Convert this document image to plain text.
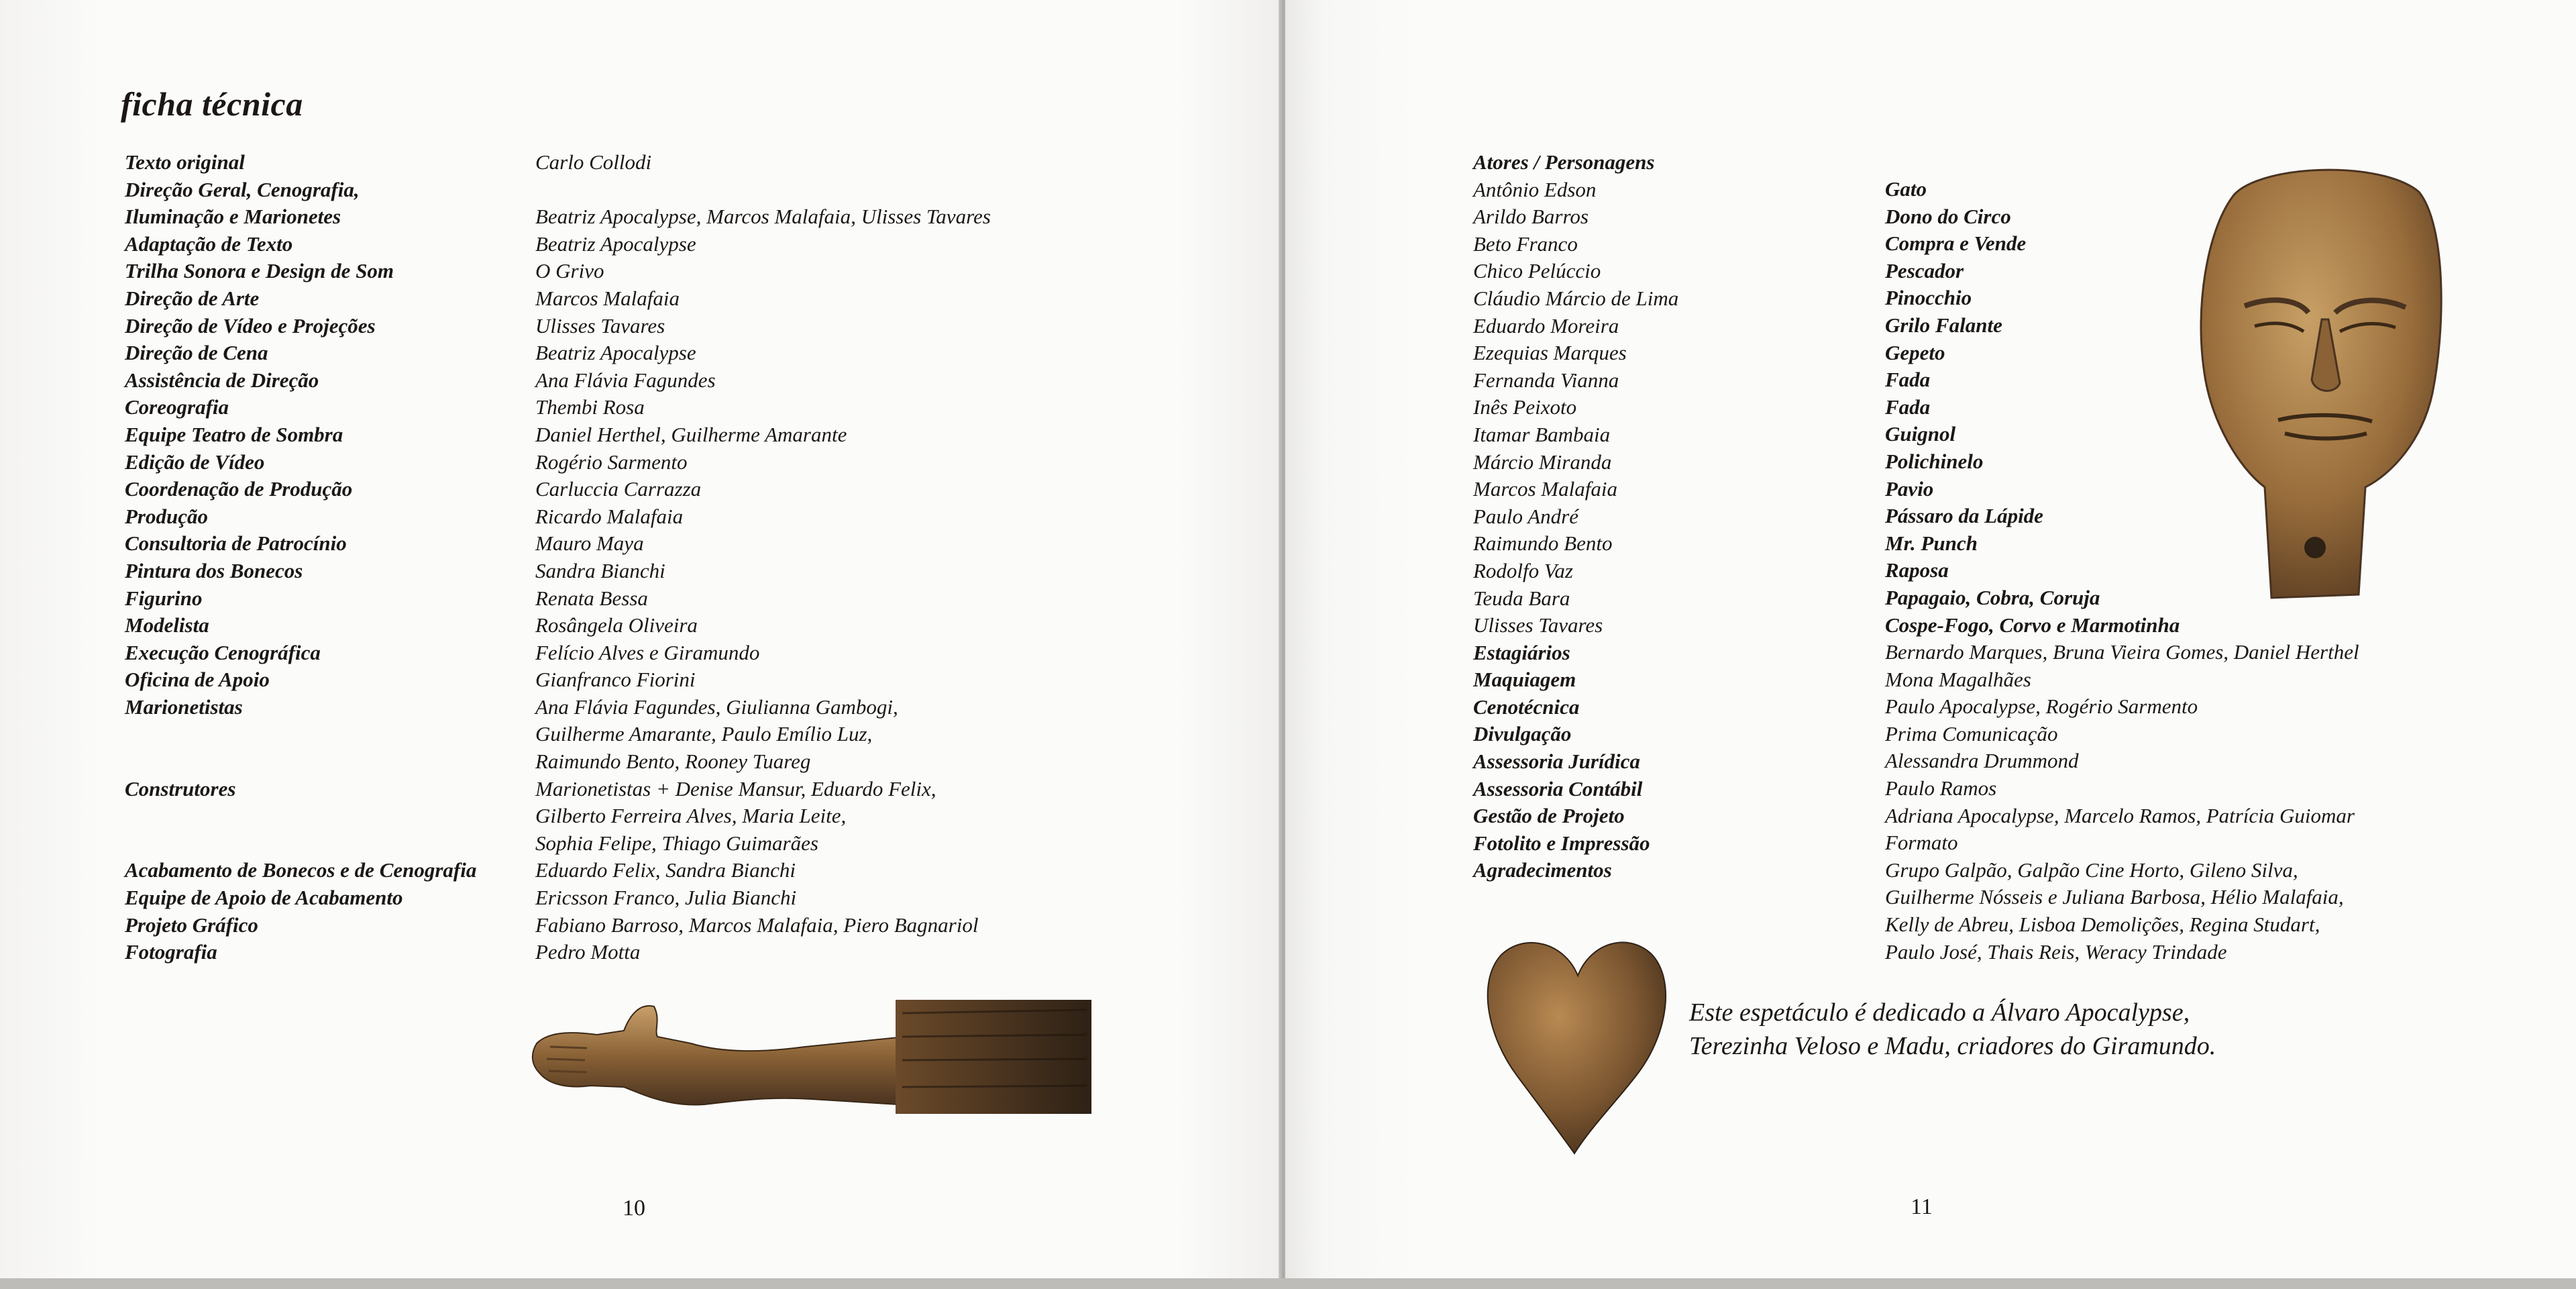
ficha técnica
Texto original
Direção Geral, Cenografia,
Iluminação e Marionetes
Adaptação de Texto
Trilha Sonora e Design de Som
Direção de Arte
Direção de Vídeo e Projeções
Direção de Cena
Assistência de Direção
Coreografia
Equipe Teatro de Sombra
Edição de Vídeo
Coordenação de Produção
Produção
Consultoria de Patrocínio
Pintura dos Bonecos
Figurino
Modelista
Execução Cenográfica
Oficina de Apoio
Marionetistas
Construtores
Acabamento de Bonecos e de Cenografia
Equipe de Apoio de Acabamento
Projeto Gráfico
Fotografia
Carlo Collodi
Beatriz Apocalypse, Marcos Malafaia, Ulisses Tavares
Beatriz Apocalypse
O Grivo
Marcos Malafaia
Ulisses Tavares
Beatriz Apocalypse
Ana Flávia Fagundes
Thembi Rosa
Daniel Herthel, Guilherme Amarante
Rogério Sarmento
Carluccia Carrazza
Ricardo Malafaia
Mauro Maya
Sandra Bianchi
Renata Bessa
Rosângela Oliveira
Felício Alves e Giramundo
Gianfranco Fiorini
Ana Flávia Fagundes, Giulianna Gambogi,
Guilherme Amarante, Paulo Emílio Luz,
Raimundo Bento, Rooney Tuareg
Marionetistas + Denise Mansur, Eduardo Felix,
Gilberto Ferreira Alves, Maria Leite,
Sophia Felipe, Thiago Guimarães
Eduardo Felix, Sandra Bianchi
Ericsson Franco, Julia Bianchi
Fabiano Barroso, Marcos Malafaia, Piero Bagnariol
Pedro Motta
10
Atores / Personagens
Antônio Edson
Arildo Barros
Beto Franco
Chico Pelúccio
Cláudio Márcio de Lima
Eduardo Moreira
Ezequias Marques
Fernanda Vianna
Inês Peixoto
Itamar Bambaia
Márcio Miranda
Marcos Malafaia
Paulo André
Raimundo Bento
Rodolfo Vaz
Teuda Bara
Ulisses Tavares
Estagiários
Maquiagem
Cenotécnica
Divulgação
Assessoria Jurídica
Assessoria Contábil
Gestão de Projeto
Fotolito e Impressão
Agradecimentos
Gato
Dono do Circo
Compra e Vende
Pescador
Pinocchio
Grilo Falante
Gepeto
Fada
Fada
Guignol
Polichinelo
Pavio
Pássaro da Lápide
Mr. Punch
Raposa
Papagaio, Cobra, Coruja
Cospe-Fogo, Corvo e Marmotinha
Bernardo Marques, Bruna Vieira Gomes, Daniel Herthel
Mona Magalhães
Paulo Apocalypse, Rogério Sarmento
Prima Comunicação
Alessandra Drummond
Paulo Ramos
Adriana Apocalypse, Marcelo Ramos, Patrícia Guiomar
Formato
Grupo Galpão, Galpão Cine Horto, Gileno Silva,
Guilherme Nósseis e Juliana Barbosa, Hélio Malafaia,
Kelly de Abreu, Lisboa Demolições, Regina Studart,
Paulo José, Thais Reis, Weracy Trindade
Este espetáculo é dedicado a Álvaro Apocalypse,
Terezinha Veloso e Madu, criadores do Giramundo.
11
